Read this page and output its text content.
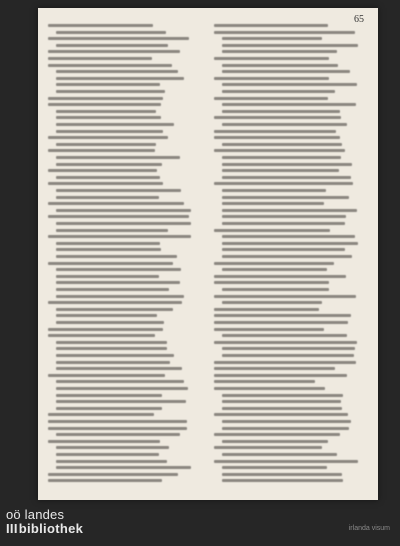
65
oö landes
IIIbibliothek	irlanda visum
